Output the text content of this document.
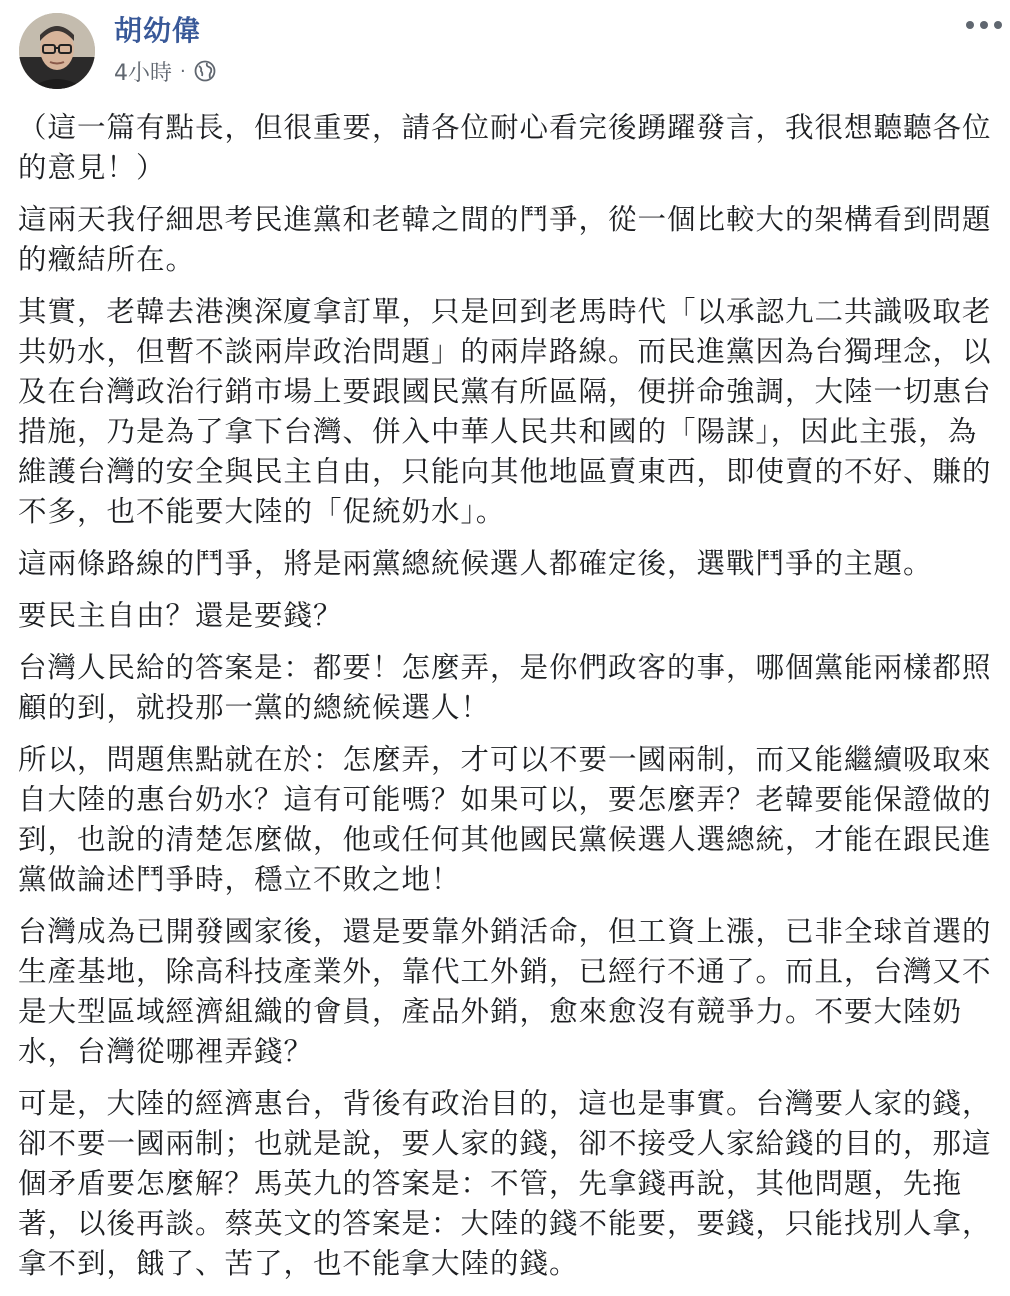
胡幼偉
4小時 ·

（這一篇有點長，但很重要，請各位耐心看完後踴躍發言，我很想聽聽各位的意見！）

這兩天我仔細思考民進黨和老韓之間的鬥爭，從一個比較大的架構看到問題的癥結所在。

其實，老韓去港澳深廈拿訂單，只是回到老馬時代「以承認九二共識吸取老共奶水，但暫不談兩岸政治問題」的兩岸路線。而民進黨因為台獨理念，以及在台灣政治行銷市場上要跟國民黨有所區隔，便拼命強調，大陸一切惠台措施，乃是為了拿下台灣、併入中華人民共和國的「陽謀」，因此主張，為維護台灣的安全與民主自由，只能向其他地區賣東西，即使賣的不好、賺的不多，也不能要大陸的「促統奶水」。

這兩條路線的鬥爭，將是兩黨總統候選人都確定後，選戰鬥爭的主題。

要民主自由？還是要錢？

台灣人民給的答案是：都要！怎麼弄，是你們政客的事，哪個黨能兩樣都照顧的到，就投那一黨的總統候選人！

所以，問題焦點就在於：怎麼弄，才可以不要一國兩制，而又能繼續吸取來自大陸的惠台奶水？這有可能嗎？如果可以，要怎麼弄？老韓要能保證做的到，也說的清楚怎麼做，他或任何其他國民黨候選人選總統，才能在跟民進黨做論述鬥爭時，穩立不敗之地！

台灣成為已開發國家後，還是要靠外銷活命，但工資上漲，已非全球首選的生產基地，除高科技產業外，靠代工外銷，已經行不通了。而且，台灣又不是大型區域經濟組織的會員，產品外銷，愈來愈沒有競爭力。不要大陸奶水，台灣從哪裡弄錢？

可是，大陸的經濟惠台，背後有政治目的，這也是事實。台灣要人家的錢，卻不要一國兩制；也就是說，要人家的錢，卻不接受人家給錢的目的，那這個矛盾要怎麼解？馬英九的答案是：不管，先拿錢再說，其他問題，先拖著，以後再談。蔡英文的答案是：大陸的錢不能要，要錢，只能找別人拿，拿不到，餓了、苦了，也不能拿大陸的錢。
